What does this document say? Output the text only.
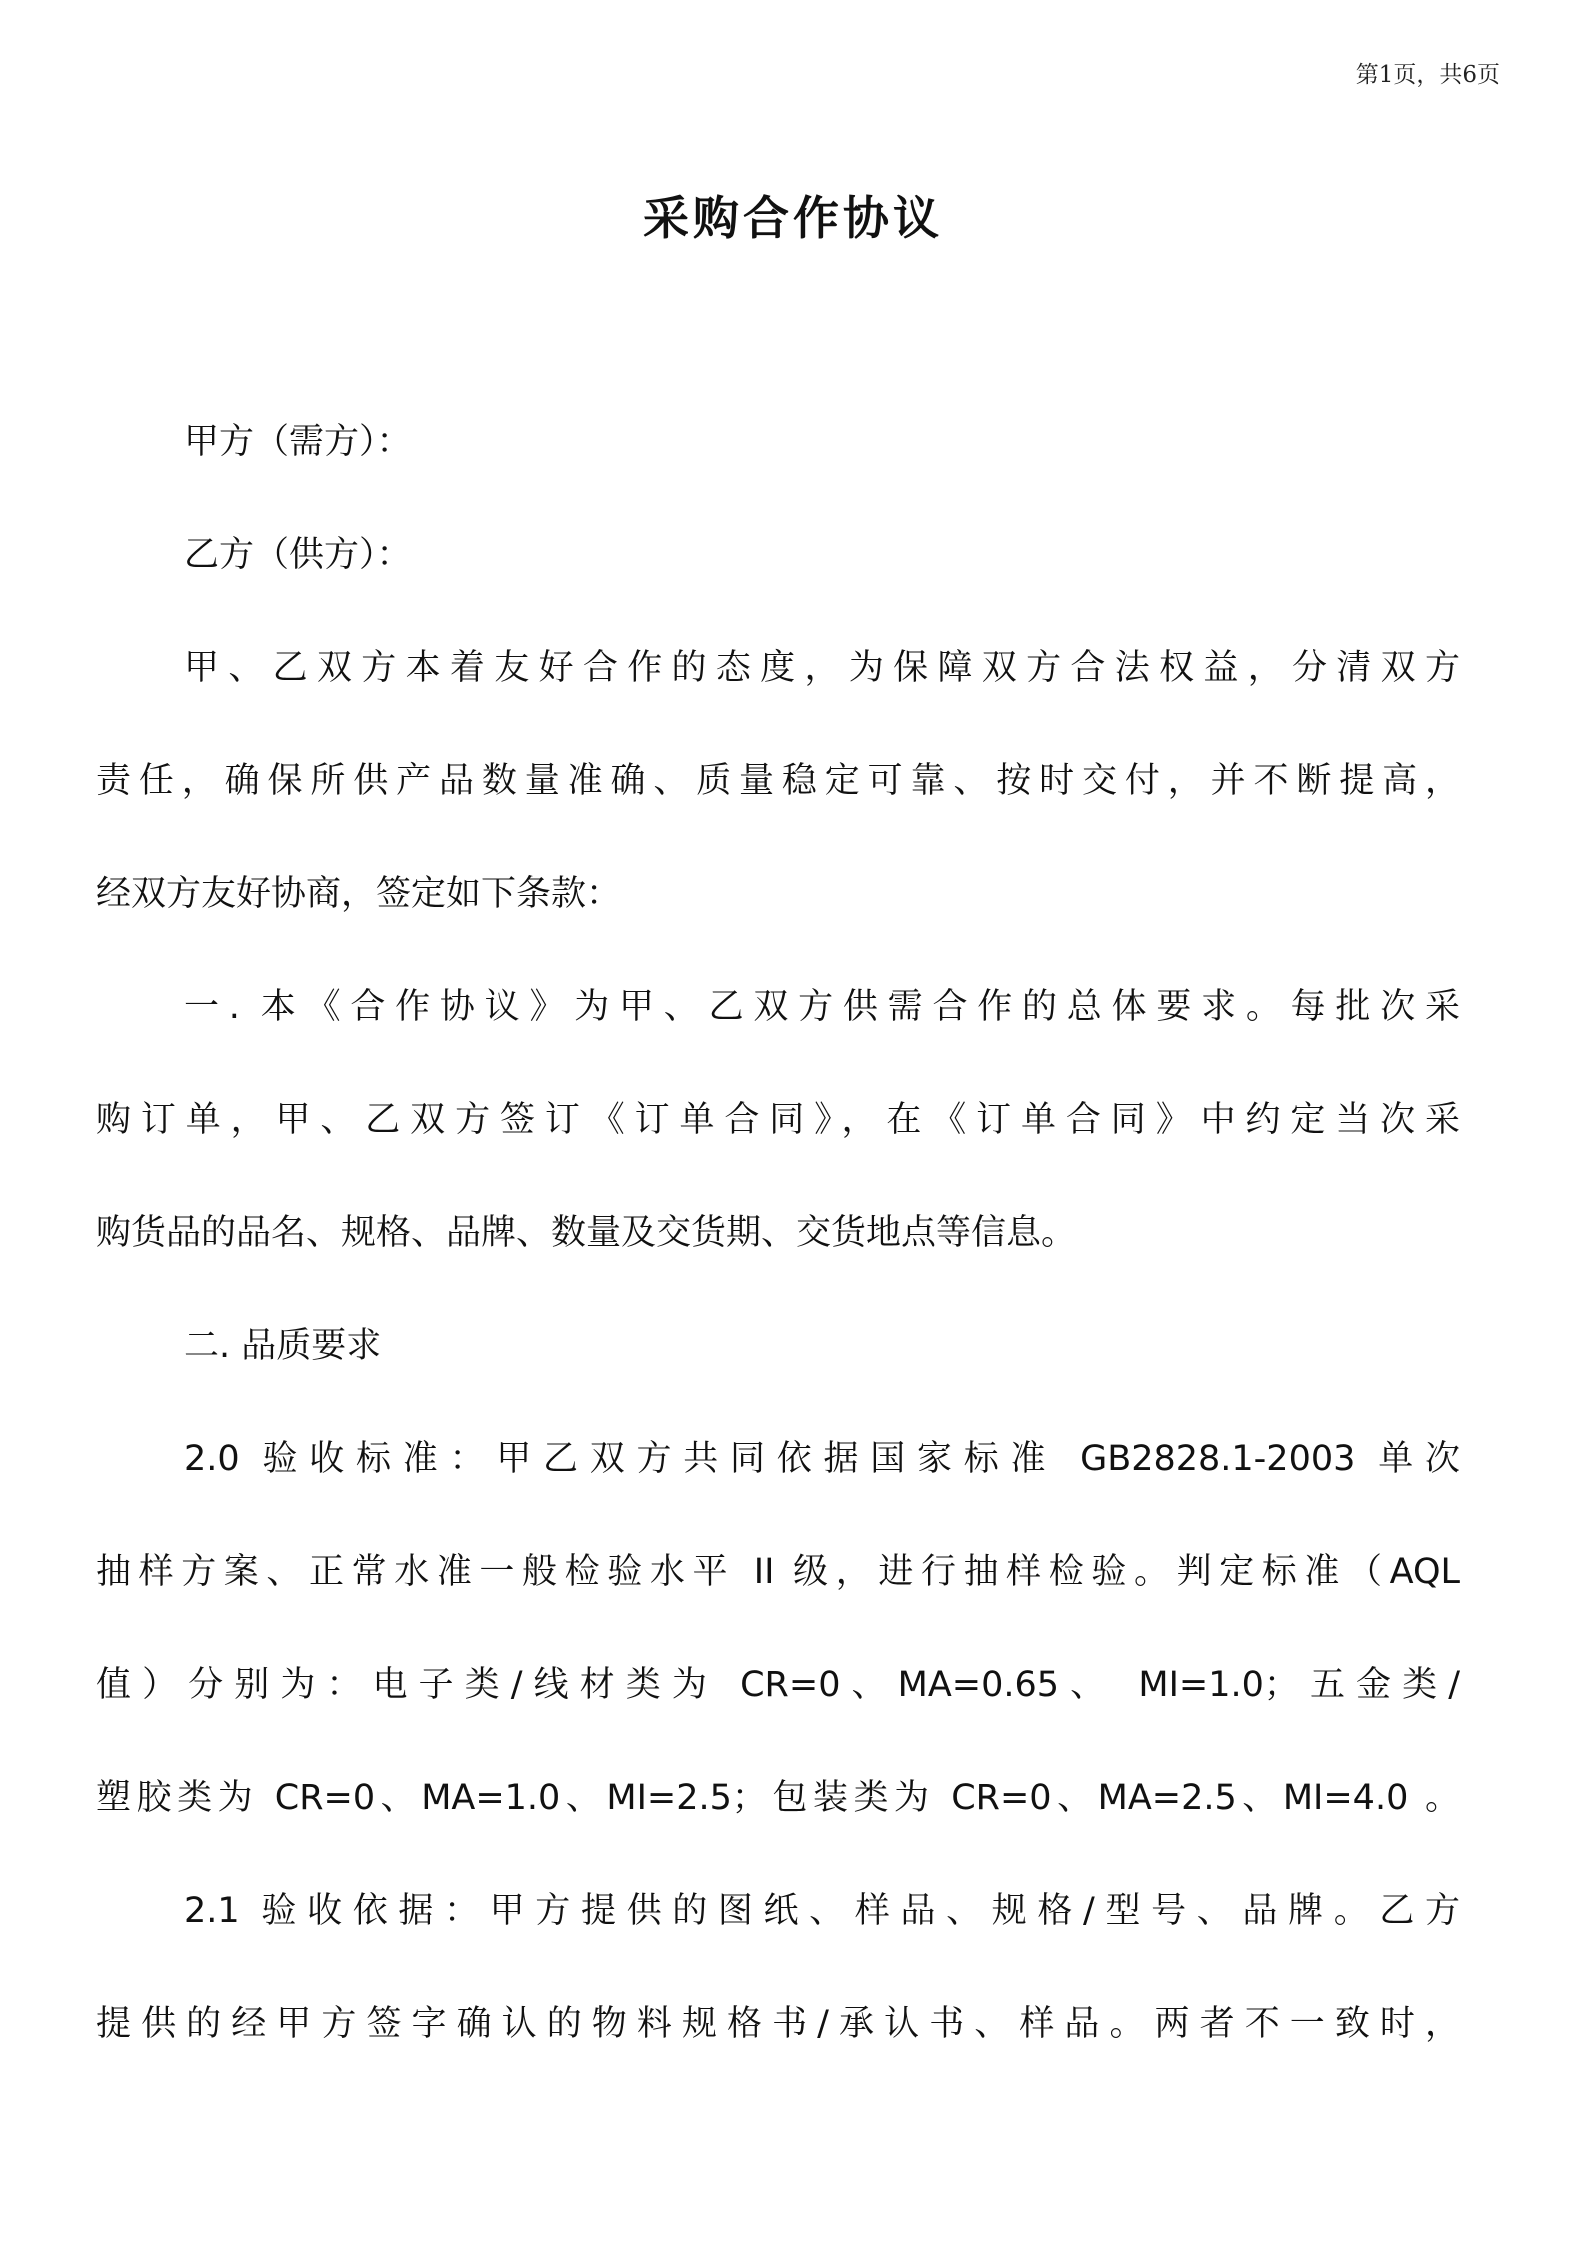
第1页，共6页
采购合作协议
甲方（需方）：
乙方（供方）：
甲、乙双方本着友好合作的态度，为保障双方合法权益，分清双方
责任，确保所供产品数量准确、质量稳定可靠、按时交付，并不断提高，
经双方友好协商，签定如下条款：
一. 本《合作协议》为甲、乙双方供需合作的总体要求。每批次采
购订单，甲、乙双方签订《订单合同》，在《订单合同》中约定当次采
购货品的品名、规格、品牌、数量及交货期、交货地点等信息。
二. 品质要求
2.0 验收标准：甲乙双方共同依据国家标准 GB2828.1-2003 单次
抽样方案、正常水准一般检验水平 II 级，进行抽样检验。判定标准（AQL
值）分别为：电子类/线材类为 CR=0、MA=0.65、 MI=1.0；五金类/
塑胶类为 CR=0、MA=1.0、MI=2.5；包装类为 CR=0、MA=2.5、MI=4.0 。
2.1 验收依据：甲方提供的图纸、样品、规格/型号、品牌。乙方
提供的经甲方签字确认的物料规格书/承认书、样品。两者不一致时，
